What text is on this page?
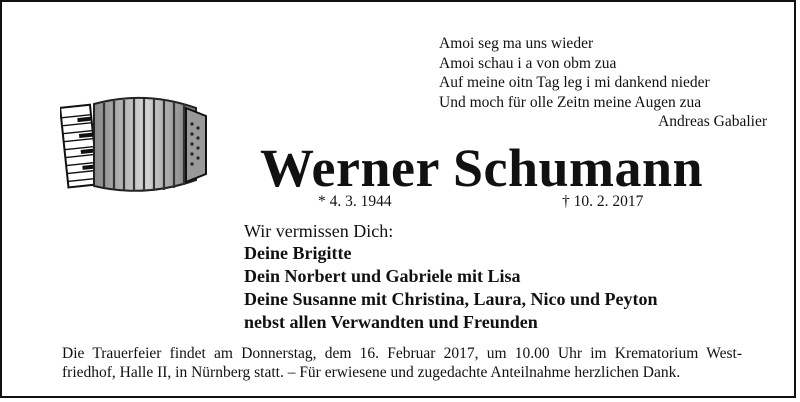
Amoi seg ma uns wieder
Amoi schau i a von obm zua
Auf meine oitn Tag leg i mi dankend nieder
Und moch für olle Zeitn meine Augen zua
Andreas Gabalier
Werner Schumann
* 4. 3. 1944	† 10. 2. 2017
Wir vermissen Dich:
Deine Brigitte
Dein Norbert und Gabriele mit Lisa
Deine Susanne mit Christina, Laura, Nico und Peyton
nebst allen Verwandten und Freunden
Die Trauerfeier findet am Donnerstag, dem 16. Februar 2017, um 10.00 Uhr im Krematorium West-
friedhof, Halle II, in Nürnberg statt. – Für erwiesene und zugedachte Anteilnahme herzlichen Dank.
